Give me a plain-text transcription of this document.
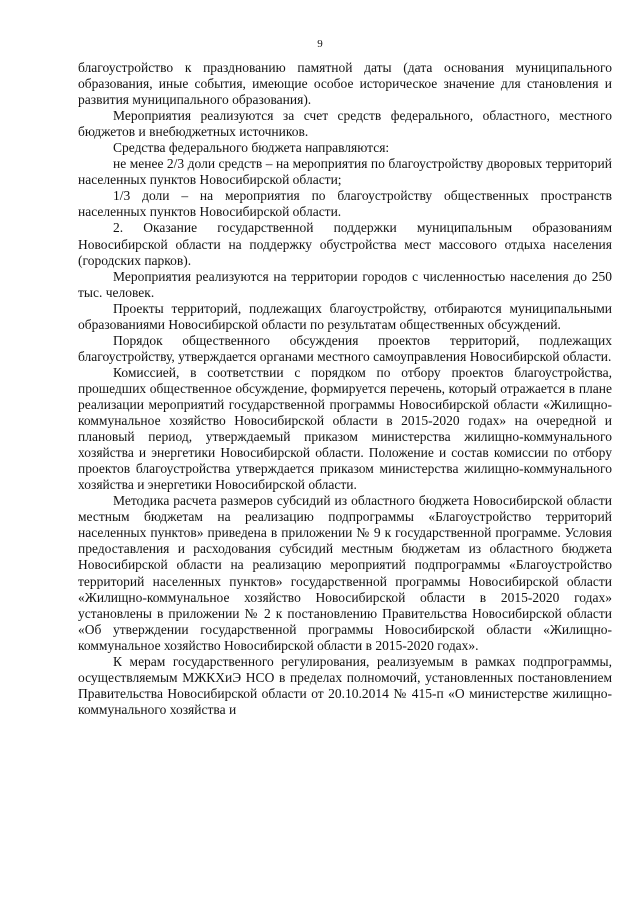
9

благоустройство к празднованию памятной даты (дата основания муниципального образования, иные события, имеющие особое историческое значение для становления и развития муниципального образования).

Мероприятия реализуются за счет средств федерального, областного, местного бюджетов и внебюджетных источников.

Средства федерального бюджета направляются:

не менее 2/3 доли средств – на мероприятия по благоустройству дворовых территорий населенных пунктов Новосибирской области;

1/3 доли – на мероприятия по благоустройству общественных пространств населенных пунктов Новосибирской области.

2. Оказание государственной поддержки муниципальным образованиям Новосибирской области на поддержку обустройства мест массового отдыха населения (городских парков).

Мероприятия реализуются на территории городов с численностью населения до 250 тыс. человек.

Проекты территорий, подлежащих благоустройству, отбираются муниципальными образованиями Новосибирской области по результатам общественных обсуждений.

Порядок общественного обсуждения проектов территорий, подлежащих благоустройству, утверждается органами местного самоуправления Новосибирской области.

Комиссией, в соответствии с порядком по отбору проектов благоустройства, прошедших общественное обсуждение, формируется перечень, который отражается в плане реализации мероприятий государственной программы Новосибирской области «Жилищно-коммунальное хозяйство Новосибирской области в 2015-2020 годах» на очередной и плановый период, утверждаемый приказом министерства жилищно-коммунального хозяйства и энергетики Новосибирской области. Положение и состав комиссии по отбору проектов благоустройства утверждается приказом министерства жилищно-коммунального хозяйства и энергетики Новосибирской области.

Методика расчета размеров субсидий из областного бюджета Новосибирской области местным бюджетам на реализацию подпрограммы «Благоустройство территорий населенных пунктов» приведена в приложении № 9 к государственной программе. Условия предоставления и расходования субсидий местным бюджетам из областного бюджета Новосибирской области на реализацию мероприятий подпрограммы «Благоустройство территорий населенных пунктов» государственной программы Новосибирской области «Жилищно-коммунальное хозяйство Новосибирской области в 2015-2020 годах» установлены в приложении № 2 к постановлению Правительства Новосибирской области «Об утверждении государственной программы Новосибирской области «Жилищно-коммунальное хозяйство Новосибирской области в 2015-2020 годах».

К мерам государственного регулирования, реализуемым в рамках подпрограммы, осуществляемым МЖКХиЭ НСО в пределах полномочий, установленных постановлением Правительства Новосибирской области от 20.10.2014 № 415-п «О министерстве жилищно-коммунального хозяйства и
